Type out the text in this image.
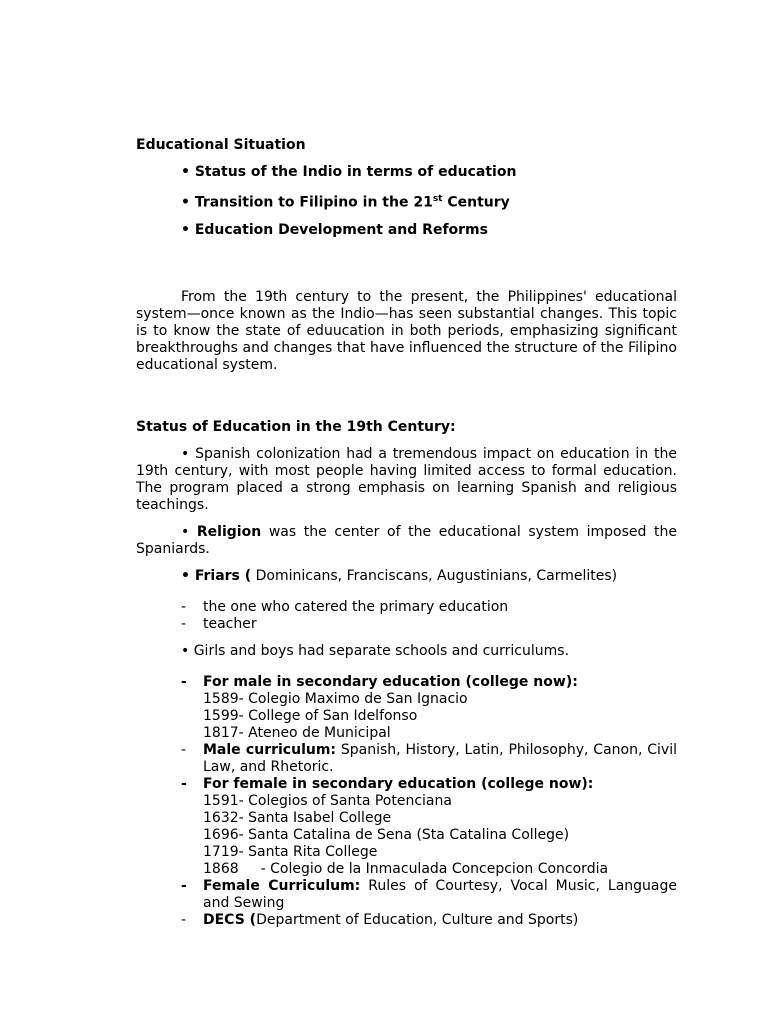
Educational Situation

• Status of the Indio in terms of education

• Transition to Filipino in the 21st Century

• Education Development and Reforms

From the 19th century to the present, the Philippines' educational system—once known as the Indio—has seen substantial changes. This topic is to know the state of eduucation in both periods, emphasizing significant breakthroughs and changes that have influenced the structure of the Filipino educational system.

Status of Education in the 19th Century:

• Spanish colonization had a tremendous impact on education in the 19th century, with most people having limited access to formal education. The program placed a strong emphasis on learning Spanish and religious teachings.

• Religion was the center of the educational system imposed the Spaniards.

• Friars ( Dominicans, Franciscans, Augustinians, Carmelites)

- the one who catered the primary education

- teacher

• Girls and boys had separate schools and curriculums.

- For male in secondary education (college now):

1589- Colegio Maximo de San Ignacio

1599- College of San Idelfonso

1817- Ateneo de Municipal

- Male curriculum: Spanish, History, Latin, Philosophy, Canon, Civil Law, and Rhetoric.

- For female in secondary education (college now):

1591- Colegios of Santa Potenciana

1632- Santa Isabel College

1696- Santa Catalina de Sena (Sta Catalina College)

1719- Santa Rita College

1868 - Colegio de la Inmaculada Concepcion Concordia

- Female Curriculum: Rules of Courtesy, Vocal Music, Language and Sewing

- DECS (Department of Education, Culture and Sports)
